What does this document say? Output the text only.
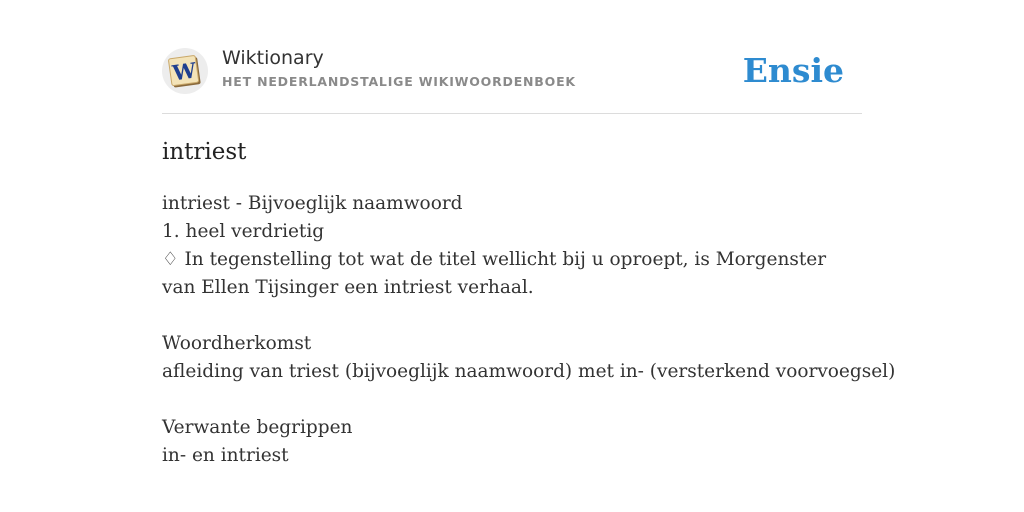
W Wiktionary
HET NEDERLANDSTALIGE WIKIWOORDENBOEK	Ensie
intriest
intriest - Bijvoeglijk naamwoord
1. heel verdrietig
♢ In tegenstelling tot wat de titel wellicht bij u oproept, is Morgenster van Ellen Tijsinger een intriest verhaal.
Woordherkomst
afleiding van triest (bijvoeglijk naamwoord) met in- (versterkend voorvoegsel)
Verwante begrippen
in- en intriest
